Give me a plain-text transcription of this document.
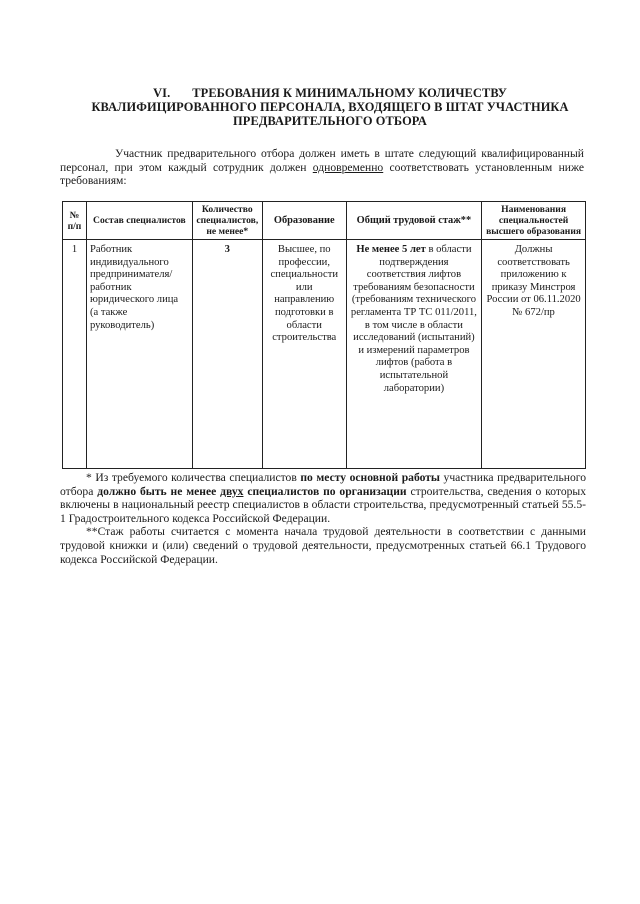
VI. ТРЕБОВАНИЯ К МИНИМАЛЬНОМУ КОЛИЧЕСТВУ
КВАЛИФИЦИРОВАННОГО ПЕРСОНАЛА, ВХОДЯЩЕГО В ШТАТ УЧАСТНИКА
ПРЕДВАРИТЕЛЬНОГО ОТБОРА
Участник предварительного отбора должен иметь в штате следующий квалифицированный персонал, при этом каждый сотрудник должен одновременно соответствовать установленным ниже требованиям:
№ п/п	Состав специалистов	Количество специалистов, не менее*	Образование	Общий трудовой стаж**	Наименования специальностей высшего образования
1	Работник индивидуального предпринимателя/ работник юридического лица (а также руководитель)	3	Высшее, по профессии, специальности или направлению подготовки в области строительства	Не менее 5 лет в области подтверждения соответствия лифтов требованиям безопасности (требованиям технического регламента ТР ТС 011/2011, в том числе в области исследований (испытаний) и измерений параметров лифтов (работа в испытательной лаборатории)	Должны соответствовать приложению к приказу Минстроя России от 06.11.2020 № 672/пр

* Из требуемого количества специалистов по месту основной работы участника предварительного отбора должно быть не менее двух специалистов по организации строительства, сведения о которых включены в национальный реестр специалистов в области строительства, предусмотренный статьей 55.5-1 Градостроительного кодекса Российской Федерации.

**Стаж работы считается с момента начала трудовой деятельности в соответствии с данными трудовой книжки и (или) сведений о трудовой деятельности, предусмотренных статьей 66.1 Трудового кодекса Российской Федерации.
